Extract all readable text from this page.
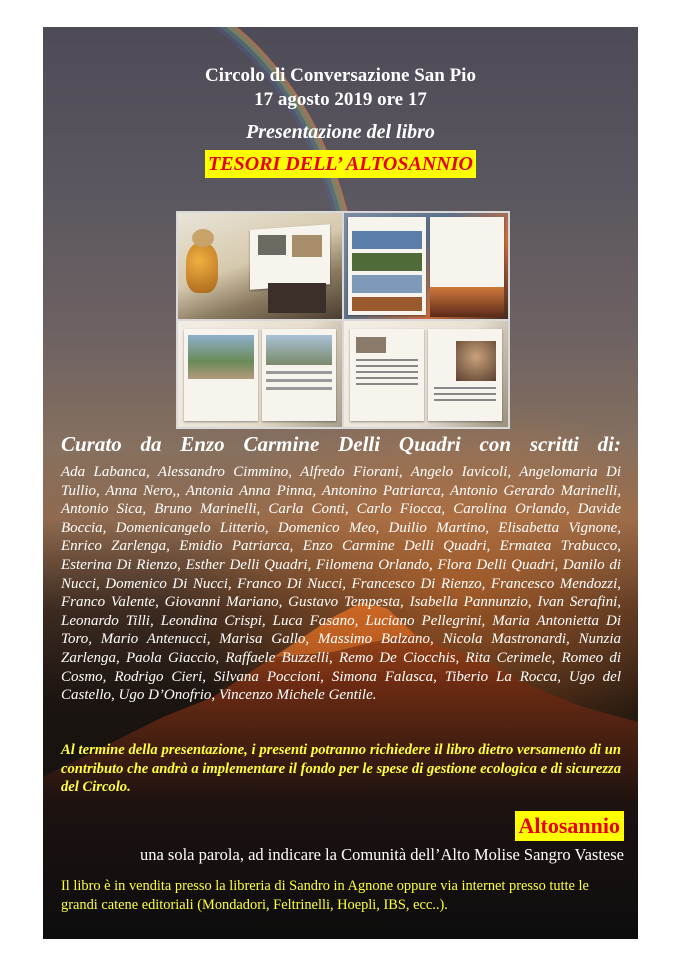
Circolo di Conversazione San Pio
17 agosto 2019 ore 17
Presentazione del libro
TESORI DELL’ ALTOSANNIO
Curato da Enzo Carmine Delli Quadri con scritti di:
Ada Labanca, Alessandro Cimmino, Alfredo Fiorani, Angelo Iavicoli, Angelomaria Di Tullio, Anna Nero,, Antonia Anna Pinna, Antonino Patriarca, Antonio Gerardo Marinelli, Antonio Sica, Bruno Marinelli, Carla Conti, Carlo Fiocca, Carolina Orlando, Davide Boccia, Domenicangelo Litterio, Domenico Meo, Duilio Martino, Elisabetta Vignone, Enrico Zarlenga, Emidio Patriarca, Enzo Carmine Delli Quadri, Ermatea Trabucco, Esterina Di Rienzo, Esther Delli Quadri, Filomena Orlando, Flora Delli Quadri, Danilo di Nucci, Domenico Di Nucci, Franco Di Nucci, Francesco Di Rienzo, Francesco Mendozzi, Franco Valente, Giovanni Mariano, Gustavo Tempesta, Isabella Pannunzio, Ivan Serafini, Leonardo Tilli, Leondina Crispi, Luca Fasano, Luciano Pellegrini, Maria Antonietta Di Toro, Mario Antenucci, Marisa Gallo, Massimo Balzano, Nicola Mastronardi, Nunzia Zarlenga, Paola Giaccio, Raffaele Buzzelli, Remo De Ciocchis, Rita Cerimele, Romeo di Cosmo, Rodrigo Cieri, Silvana Poccioni, Simona Falasca, Tiberio La Rocca, Ugo del Castello, Ugo D’Onofrio, Vincenzo Michele Gentile.
Al termine della presentazione, i presenti potranno richiedere il libro dietro versamento di un contributo che andrà a implementare il fondo per le spese di gestione ecologica e di sicurezza del Circolo.
Altosannio
una sola parola, ad indicare la Comunità dell’Alto Molise Sangro Vastese
Il libro è in vendita presso la libreria di Sandro in Agnone oppure via internet presso tutte le grandi catene editoriali (Mondadori, Feltrinelli, Hoepli, IBS, ecc..).
